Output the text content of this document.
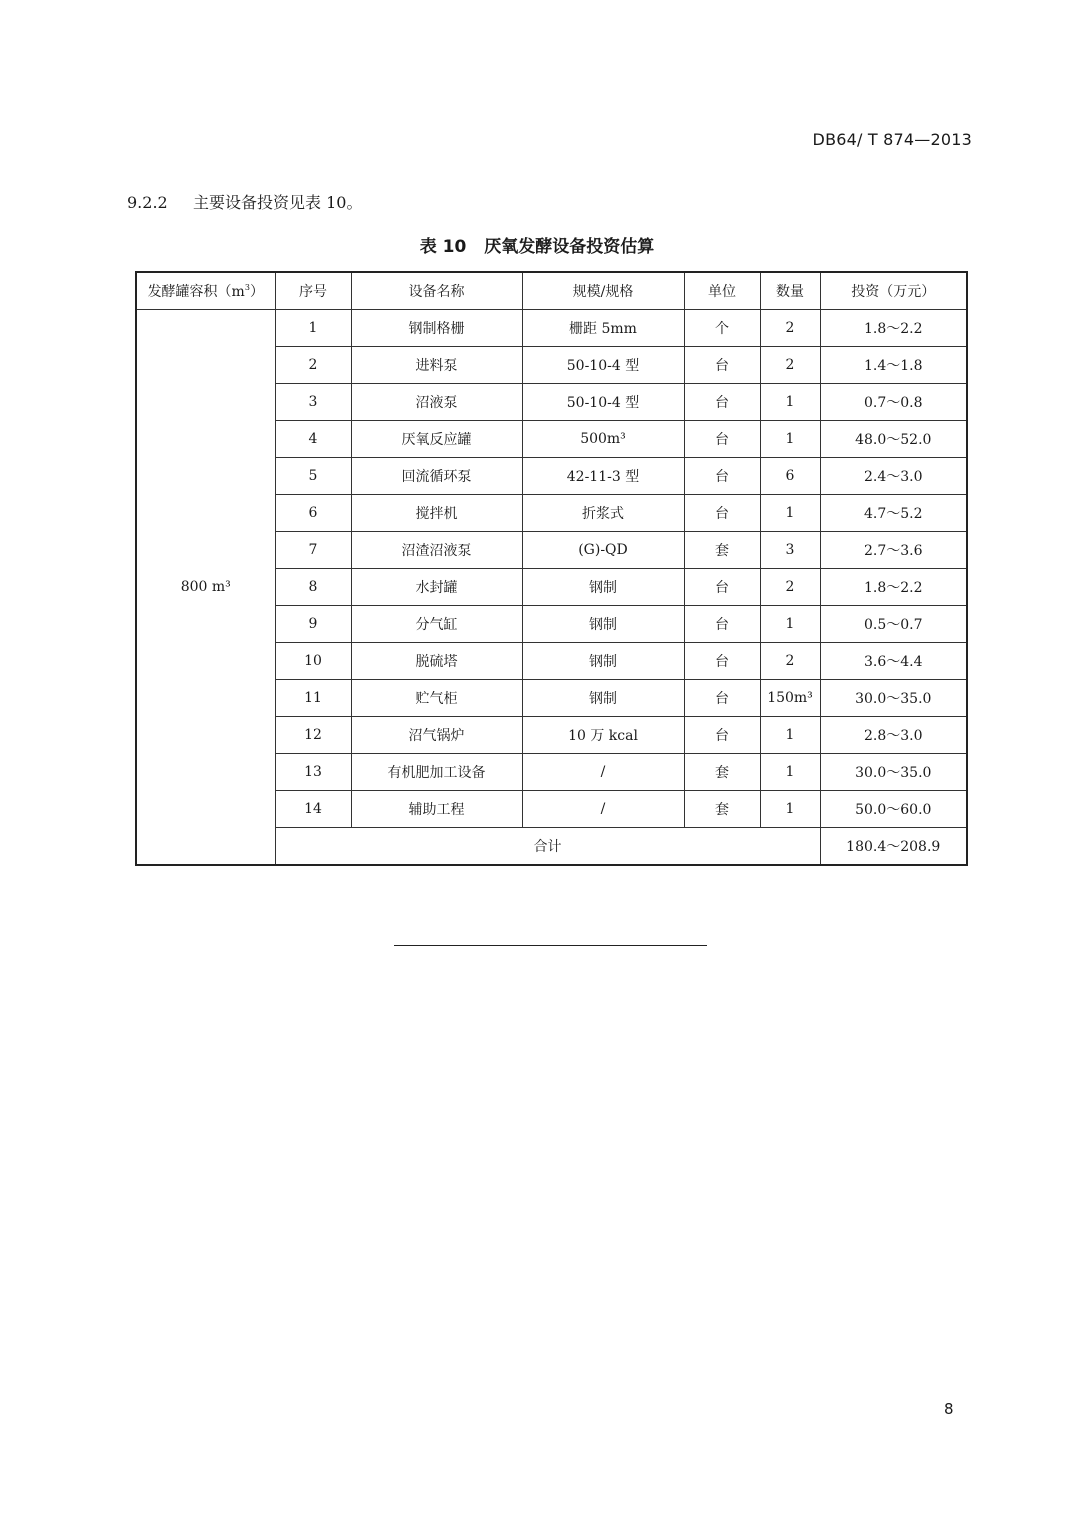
DB64/ T 874—2013
9.2.2 主要设备投资见表 10。
表 10 厌氧发酵设备投资估算
发酵罐容积$(m^3)$	序号	设备名称	规模/规格	单位	数量	投资（万元）
800 m³	1	钢制格栅	栅距 5mm	个	2	1.8～2.2
	2	进料泵	50-10-4 型	台	2	1.4～1.8
	3	沼液泵	50-10-4 型	台	1	0.7～0.8
	4	厌氧反应罐	500m³	台	1	48.0～52.0
	5	回流循环泵	42-11-3 型	台	6	2.4～3.0
	6	搅拌机	折浆式	台	1	4.7～5.2
	7	沼渣沼液泵	(G)-QD	套	3	2.7～3.6
	8	水封罐	钢制	台	2	1.8～2.2
	9	分气缸	钢制	台	1	0.5～0.7
	10	脱硫塔	钢制	台	2	3.6～4.4
	11	贮气柜	钢制	台	150m³	30.0～35.0
	12	沼气锅炉	10 万 kcal	台	1	2.8～3.0
	13	有机肥加工设备	/	套	1	30.0～35.0
	14	辅助工程	/	套	1	50.0～60.0
	合计					180.4～208.9
8
